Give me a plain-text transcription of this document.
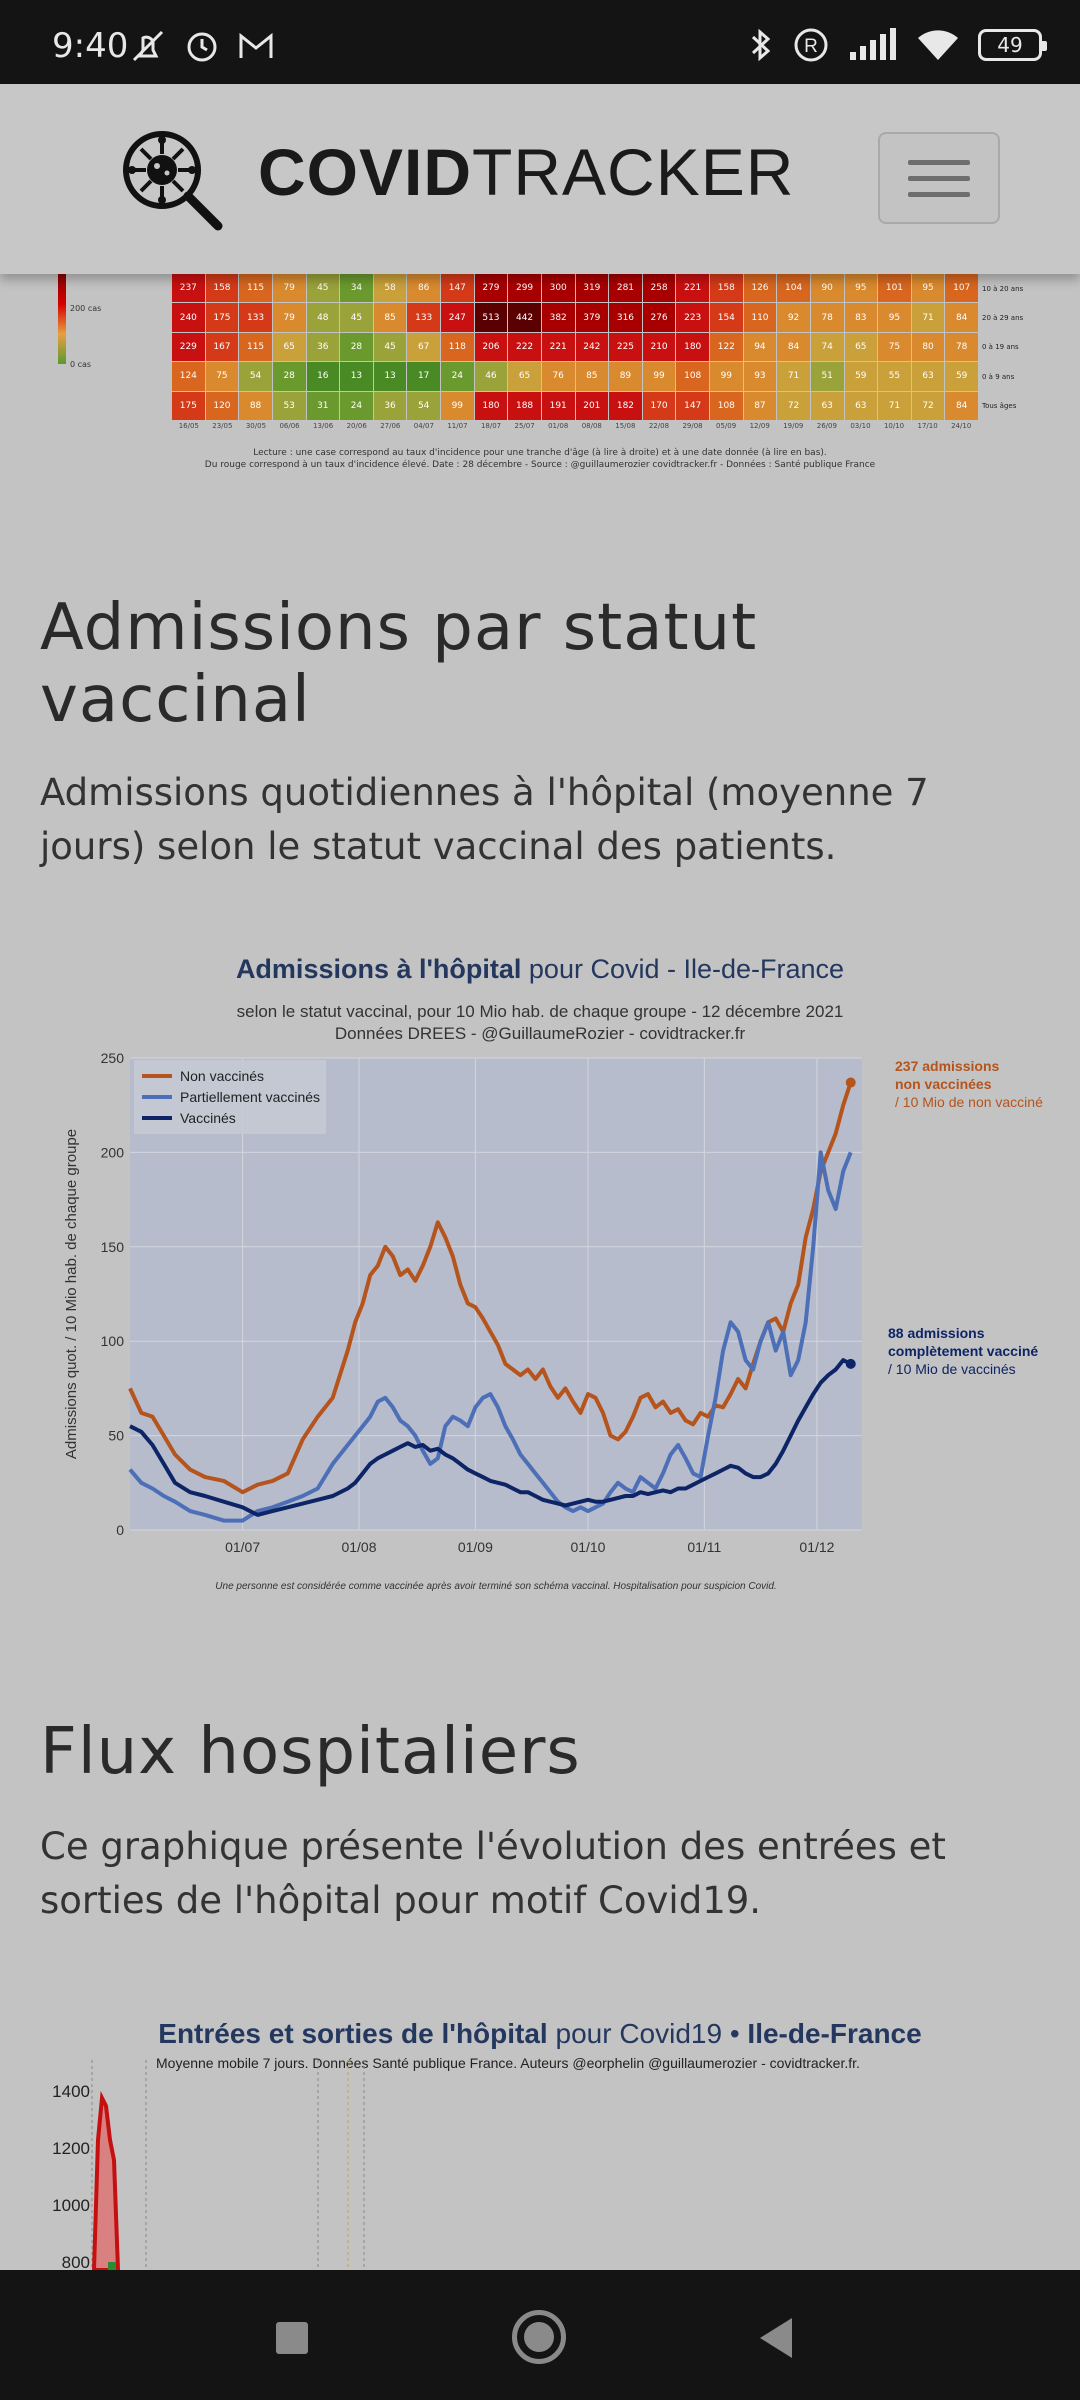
9:40	R	49
COVIDTRACKER
200 cas
0 cas
237	158	115	79	45	34	58	86	147	279	299	300	319	281	258	221	158	126	104	90	95	101	95	107
240	175	133	79	48	45	85	133	247	513	442	382	379	316	276	223	154	110	92	78	83	95	71	84
229	167	115	65	36	28	45	67	118	206	222	221	242	225	210	180	122	94	84	74	65	75	80	78
124	75	54	28	16	13	13	17	24	46	65	76	85	89	99	108	99	93	71	51	59	55	63	59
175	120	88	53	31	24	36	54	99	180	188	191	201	182	170	147	108	87	72	63	63	71	72	84
10 à 20 ans
20 à 29 ans
0 à 19 ans
0 à 9 ans
Tous âges
16/05	23/05	30/05	06/06	13/06	20/06	27/06	04/07	11/07	18/07	25/07	01/08	08/08	15/08	22/08	29/08	05/09	12/09	19/09	26/09	03/10	10/10	17/10	24/10
Lecture : une case correspond au taux d'incidence pour une tranche d'âge (à lire à droite) et à une date donnée (à lire en bas).
Du rouge correspond à un taux d'incidence élevé. Date : 28 décembre - Source : @guillaumerozier covidtracker.fr - Données : Santé publique France
Admissions par statut
vaccinal
Admissions quotidiennes à l'hôpital (moyenne 7 jours) selon le statut vaccinal des patients.
Admissions à l'hôpital pour Covid - Ile-de-France
selon le statut vaccinal, pour 10 Mio hab. de chaque groupe - 12 décembre 2021
Données DREES - @GuillaumeRozier - covidtracker.fr
0
50
100
150
200
250
01/07	01/08	01/09	01/10	01/11	01/12
Admissions quot. / 10 Mio hab. de chaque groupe
Non vaccinés
Partiellement vaccinés
Vaccinés
237 admissions
non vaccinées
/ 10 Mio de non vacciné
88 admissions
complètement vacciné
/ 10 Mio de vaccinés
Une personne est considérée comme vaccinée après avoir terminé son schéma vaccinal. Hospitalisation pour suspicion Covid.
Flux hospitaliers
Ce graphique présente l'évolution des entrées et sorties de l'hôpital pour motif Covid19.
Entrées et sorties de l'hôpital pour Covid19 • Ile-de-France
Moyenne mobile 7 jours. Données Santé publique France. Auteurs @eorphelin @guillaumerozier - covidtracker.fr.
1400
1200
1000
800
